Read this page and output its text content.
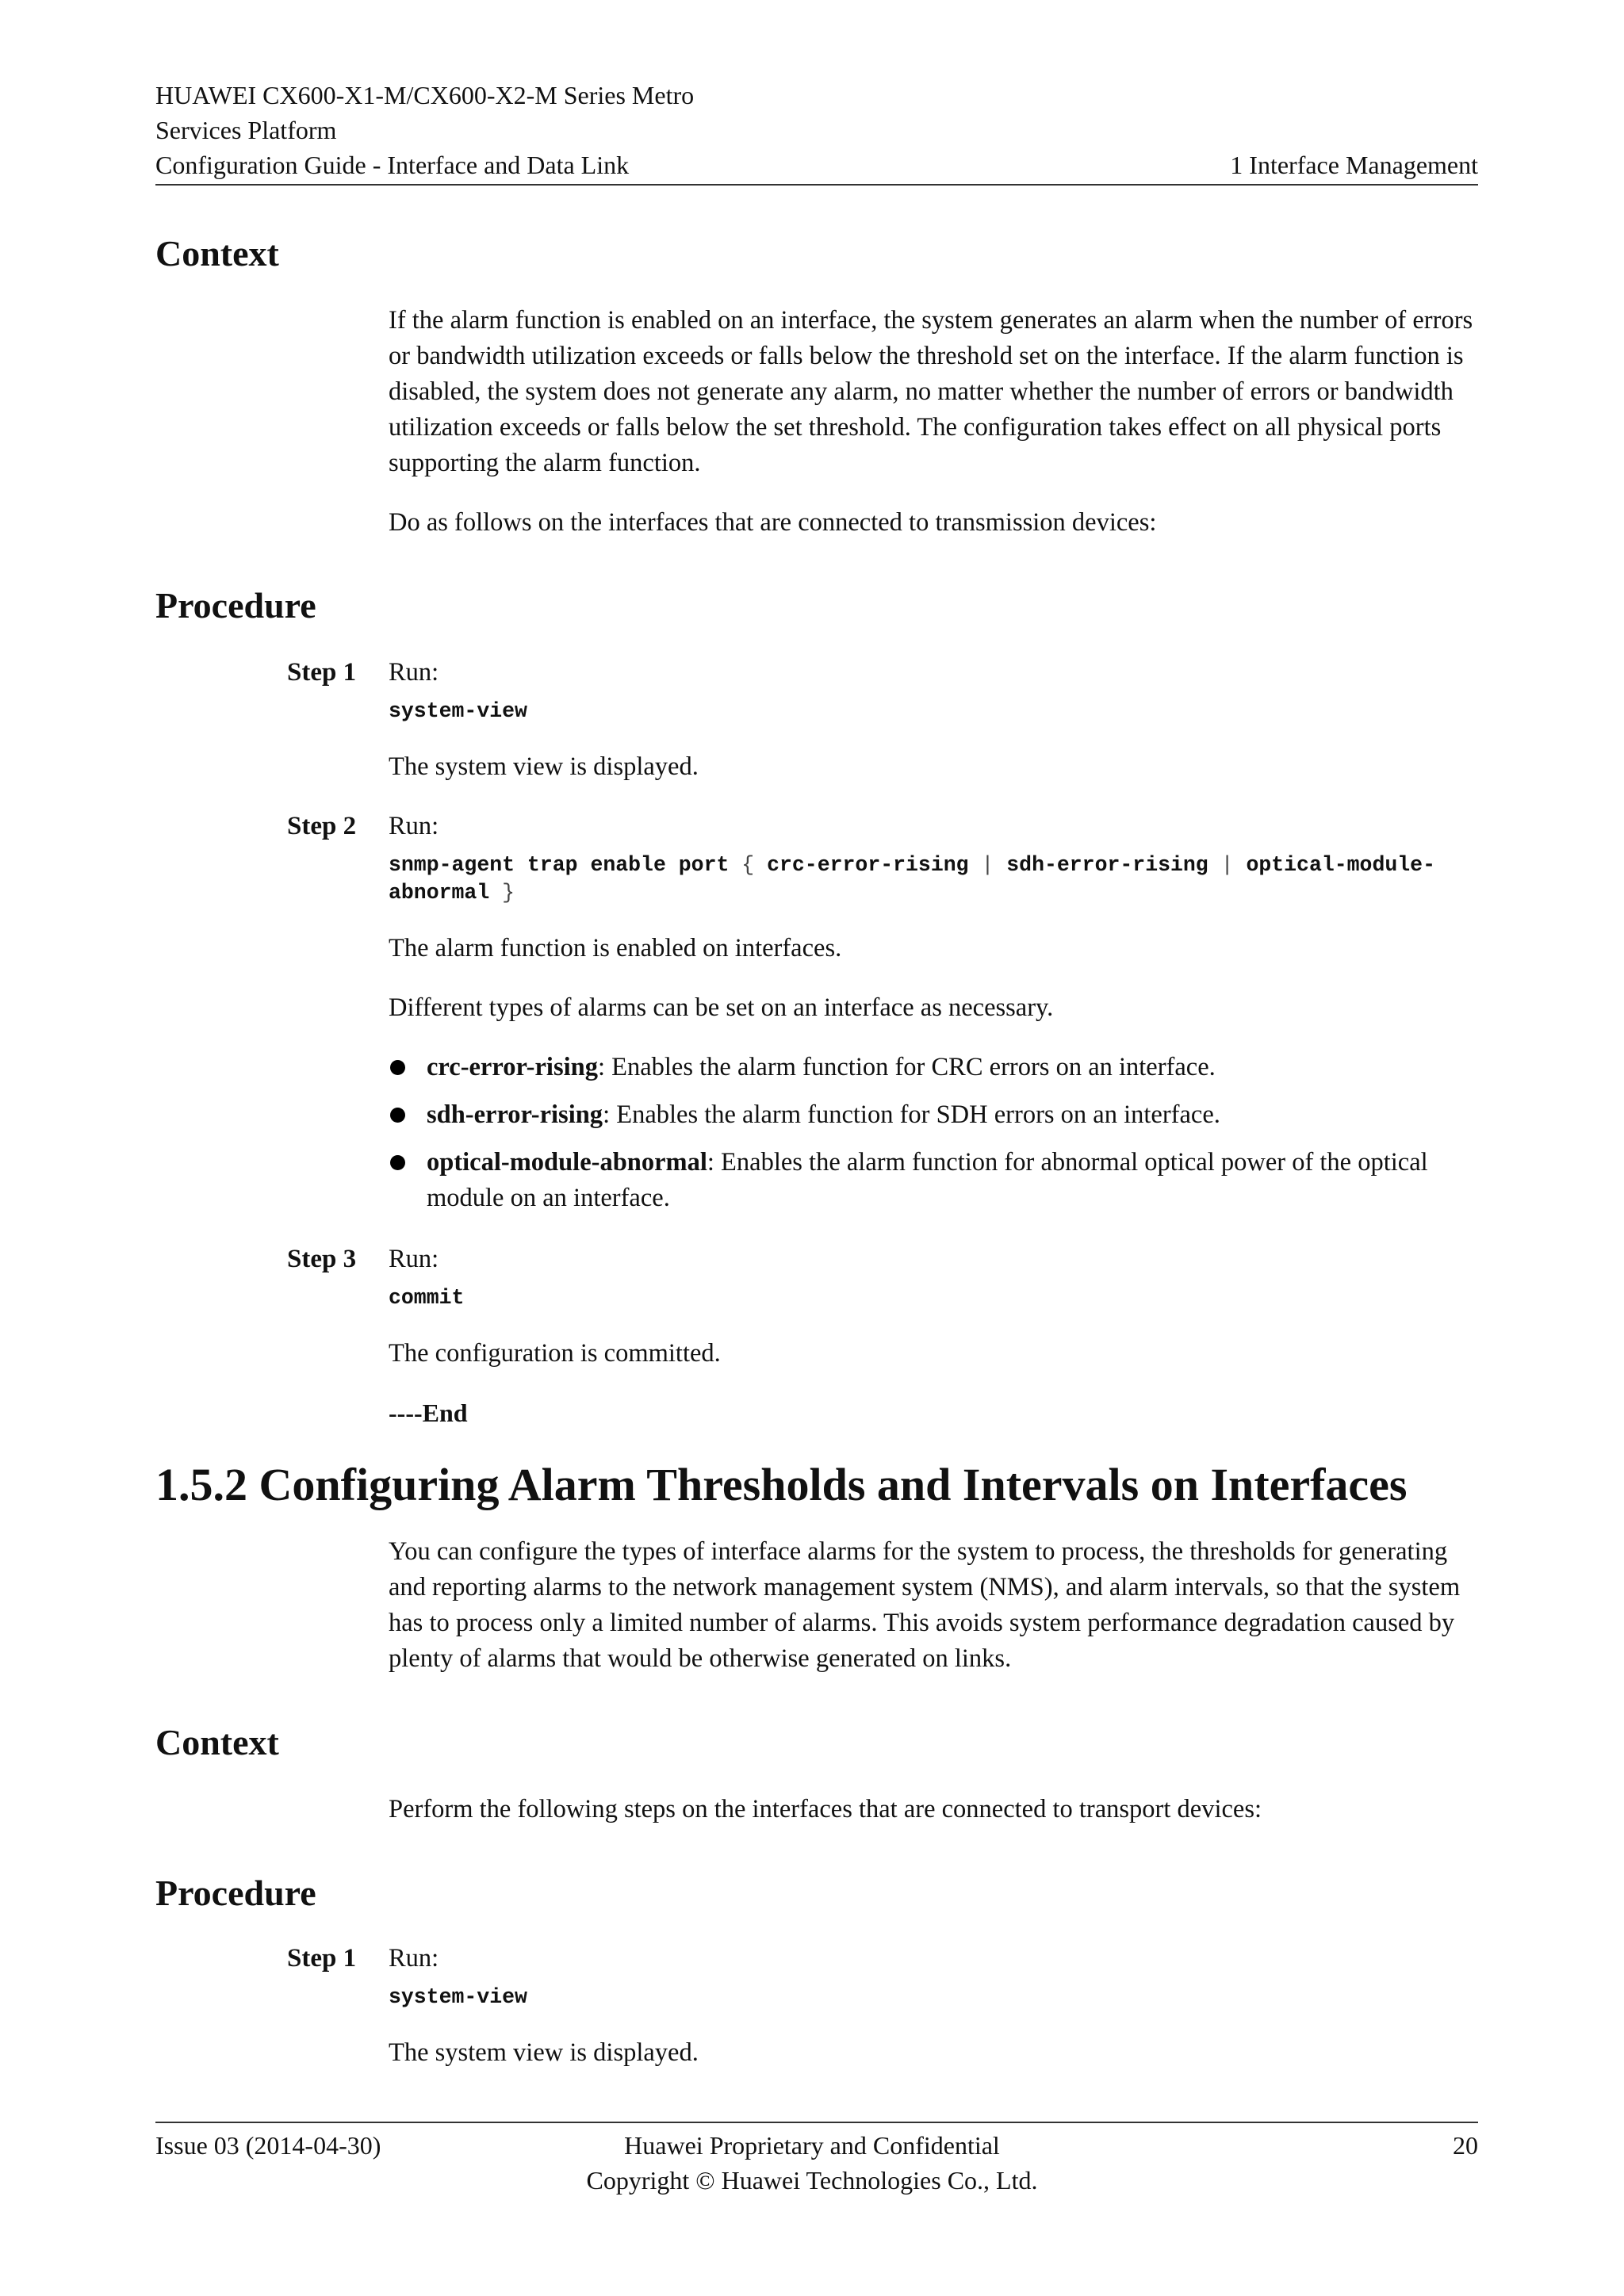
HUAWEI CX600-X1-M/CX600-X2-M Series Metro
Services Platform
Configuration Guide - Interface and Data Link	1 Interface Management
Context
If the alarm function is enabled on an interface, the system generates an alarm when the number of errors or bandwidth utilization exceeds or falls below the threshold set on the interface. If the alarm function is disabled, the system does not generate any alarm, no matter whether the number of errors or bandwidth utilization exceeds or falls below the set threshold. The configuration takes effect on all physical ports supporting the alarm function.
Do as follows on the interfaces that are connected to transmission devices:
Procedure
Step 1 Run:
system-view
The system view is displayed.
Step 2 Run:
snmp-agent trap enable port { crc-error-rising | sdh-error-rising | optical-module-
abnormal }
The alarm function is enabled on interfaces.
Different types of alarms can be set on an interface as necessary.
crc-error-rising: Enables the alarm function for CRC errors on an interface.
sdh-error-rising: Enables the alarm function for SDH errors on an interface.
optical-module-abnormal: Enables the alarm function for abnormal optical power of the optical module on an interface.
Step 3 Run:
commit
The configuration is committed.
----End
1.5.2 Configuring Alarm Thresholds and Intervals on Interfaces
You can configure the types of interface alarms for the system to process, the thresholds for generating and reporting alarms to the network management system (NMS), and alarm intervals, so that the system has to process only a limited number of alarms. This avoids system performance degradation caused by plenty of alarms that would be otherwise generated on links.
Context
Perform the following steps on the interfaces that are connected to transport devices:
Procedure
Step 1 Run:
system-view
The system view is displayed.
Issue 03 (2014-04-30)	Huawei Proprietary and Confidential
Copyright © Huawei Technologies Co., Ltd.
20
